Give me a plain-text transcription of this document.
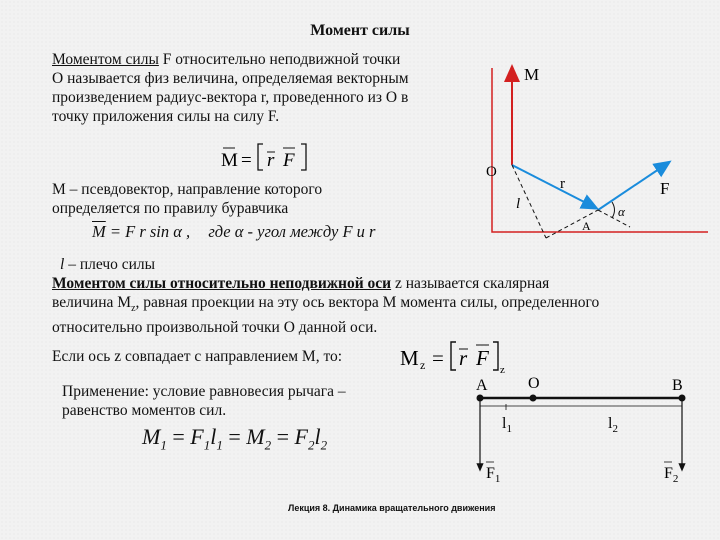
Момент силы
Моментом силы F относительно неподвижной точки
О называется физ величина, определяемая векторным
произведением радиус-вектора r, проведенного из О в
точку приложения силы на силу F.
M = r F
М – псевдовектор, направление которого
определяется по правилу буравчика
$\overline{M} = F$ r sin α , где α - угол между F и r
l – плечо силы
Моментом силы относительно неподвижной оси z называется скалярная
величина $M_z$, равная проекции на эту ось вектора М момента силы, определенного
относительно произвольной точки О данной оси.
Если ось z совпадает с направлением М, то:	M z = r F z
Применение: условие равновесия рычага –
равенство моментов сил.
$M_1 = F_1l_1 = M_2 = F_2l_2$
M
O
r	F
l
A
α
A	O	B
$l_1$	$l_2$
$F_1$	$F_2$
Лекция 8. Динамика вращательного движения
